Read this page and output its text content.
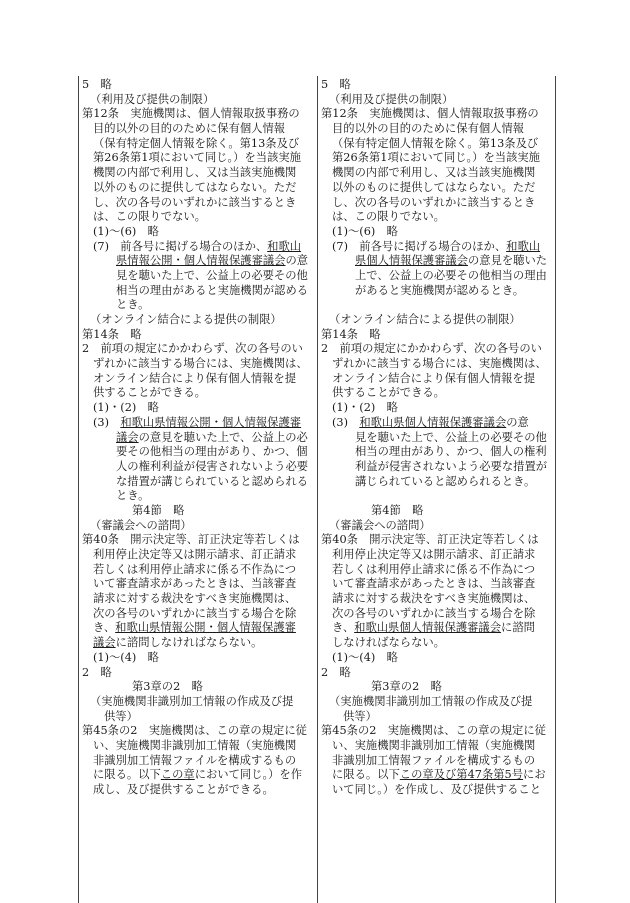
5　略
（利用及び提供の制限）
第12条　実施機関は、個人情報取扱事務の
目的以外の目的のために保有個人情報
（保有特定個人情報を除く。第13条及び
第26条第1項において同じ。）を当該実施
機関の内部で利用し、又は当該実施機関
以外のものに提供してはならない。ただ
し、次の各号のいずれかに該当するとき
は、この限りでない。
(1)～(6)　略
(7)　前各号に掲げる場合のほか、和歌山
県情報公開・個人情報保護審議会の意
見を聴いた上で、公益上の必要その他
相当の理由があると実施機関が認める
とき。
（オンライン結合による提供の制限）
第14条　略
2　前項の規定にかかわらず、次の各号のい
ずれかに該当する場合には、実施機関は、
オンライン結合により保有個人情報を提
供することができる。
(1)・(2)　略
(3)　和歌山県情報公開・個人情報保護審
議会の意見を聴いた上で、公益上の必
要その他相当の理由があり、かつ、個
人の権利利益が侵害されないよう必要
な措置が講じられていると認められる
とき。
第4節　略
（審議会への諮問）
第40条　開示決定等、訂正決定等若しくは
利用停止決定等又は開示請求、訂正請求
若しくは利用停止請求に係る不作為につ
いて審査請求があったときは、当該審査
請求に対する裁決をすべき実施機関は、
次の各号のいずれかに該当する場合を除
き、和歌山県情報公開・個人情報保護審
議会に諮問しなければならない。
(1)～(4)　略
2　略
第3章の2　略
（実施機関非識別加工情報の作成及び提
供等）
第45条の2　実施機関は、この章の規定に従
い、実施機関非識別加工情報（実施機関
非識別加工情報ファイルを構成するもの
に限る。以下この章において同じ。）を作
成し、及び提供することができる。
5　略
（利用及び提供の制限）
第12条　実施機関は、個人情報取扱事務の
目的以外の目的のために保有個人情報
（保有特定個人情報を除く。第13条及び
第26条第1項において同じ。）を当該実施
機関の内部で利用し、又は当該実施機関
以外のものに提供してはならない。ただ
し、次の各号のいずれかに該当するとき
は、この限りでない。
(1)～(6)　略
(7)　前各号に掲げる場合のほか、和歌山
県個人情報保護審議会の意見を聴いた
上で、公益上の必要その他相当の理由
があると実施機関が認めるとき。
（オンライン結合による提供の制限）
第14条　略
2　前項の規定にかかわらず、次の各号のい
ずれかに該当する場合には、実施機関は、
オンライン結合により保有個人情報を提
供することができる。
(1)・(2)　略
(3)　和歌山県個人情報保護審議会の意
見を聴いた上で、公益上の必要その他
相当の理由があり、かつ、個人の権利
利益が侵害されないよう必要な措置が
講じられていると認められるとき。
第4節　略
（審議会への諮問）
第40条　開示決定等、訂正決定等若しくは
利用停止決定等又は開示請求、訂正請求
若しくは利用停止請求に係る不作為につ
いて審査請求があったときは、当該審査
請求に対する裁決をすべき実施機関は、
次の各号のいずれかに該当する場合を除
き、和歌山県個人情報保護審議会に諮問
しなければならない。
(1)～(4)　略
2　略
第3章の2　略
（実施機関非識別加工情報の作成及び提
供等）
第45条の2　実施機関は、この章の規定に従
い、実施機関非識別加工情報（実施機関
非識別加工情報ファイルを構成するもの
に限る。以下この章及び第47条第5号にお
いて同じ。）を作成し、及び提供すること
